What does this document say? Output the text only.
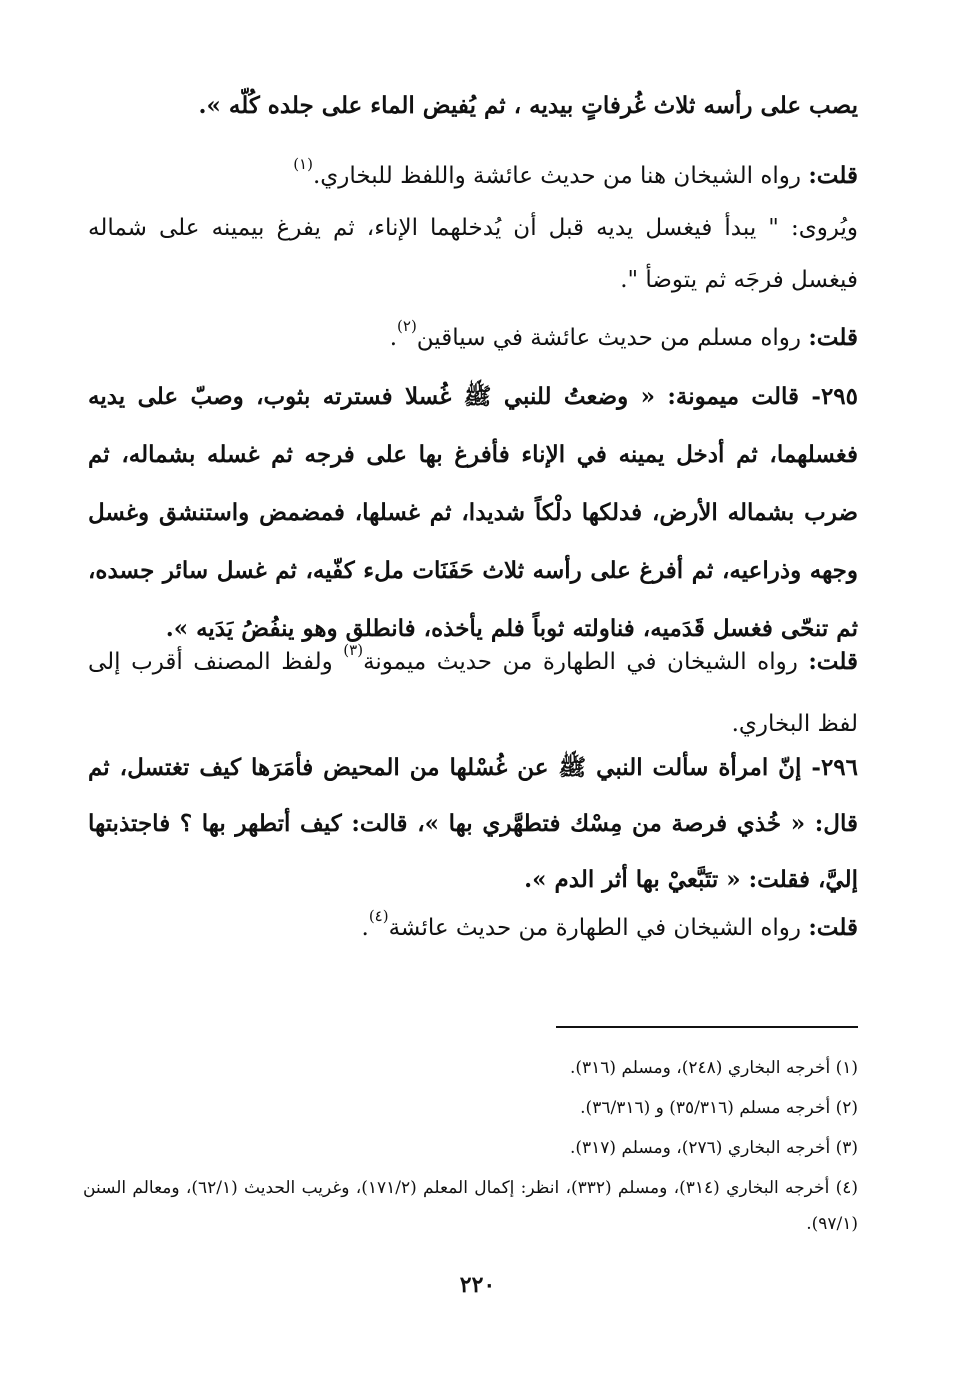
يصب على رأسه ثلاث غُرفاتٍ بيديه ، ثم يُفيض الماء على جلده كُلّه ».
قلت: رواه الشيخان هنا من حديث عائشة واللفظ للبخاري.$^{(١)}$
ويُروى: " يبدأ فيغسل يديه قبل أن يُدخلهما الإناء، ثم يفرغ بيمينه على شماله فيغسل فرجَه ثم يتوضأ ".
قلت: رواه مسلم من حديث عائشة في سياقين$^{(٢)}$.
٢٩٥- قالت ميمونة: « وضعتُ للنبي ﷺ غُسلا فسترته بثوب، وصبّ على يديه فغسلهما، ثم أدخل يمينه في الإناء فأفرغ بها على فرجه ثم غسله بشماله، ثم ضرب بشماله الأرض، فدلكها دلْكاً شديدا، ثم غسلها، فمضمض واستنشق وغسل وجهه وذراعيه، ثم أفرغ على رأسه ثلاث حَفَنَات ملء كفّيه، ثم غسل سائر جسده، ثم تنحّى فغسل قَدَميه، فناولته ثوباً فلم يأخذه، فانطلق وهو ينفُضُ يَدَيه ».
قلت: رواه الشيخان في الطهارة من حديث ميمونة$^{(٣)}$ ولفظ المصنف أقرب إلى لفظ البخاري.
٢٩٦- إنّ امرأة سألت النبي ﷺ عن غُسْلها من المحيض فأمَرَها كيف تغتسل، ثم قال: « خُذي فرصة من مِسْك فتطهَّري بها »، قالت: كيف أتطهر بها ؟ فاجتذبتها إليَّ، فقلت: « تتَبَّعيْ بها أثر الدم ».
قلت: رواه الشيخان في الطهارة من حديث عائشة$^{(٤)}$.
(١) أخرجه البخاري (٢٤٨)، ومسلم (٣١٦).
(٢) أخرجه مسلم (٣٥/٣١٦) و (٣٦/٣١٦).
(٣) أخرجه البخاري (٢٧٦)، ومسلم (٣١٧).
(٤) أخرجه البخاري (٣١٤)، ومسلم (٣٣٢)، انظر: إكمال المعلم (١٧١/٢)، وغريب الحديث (٦٢/١)، ومعالم السنن (٩٧/١).
٢٢٠
